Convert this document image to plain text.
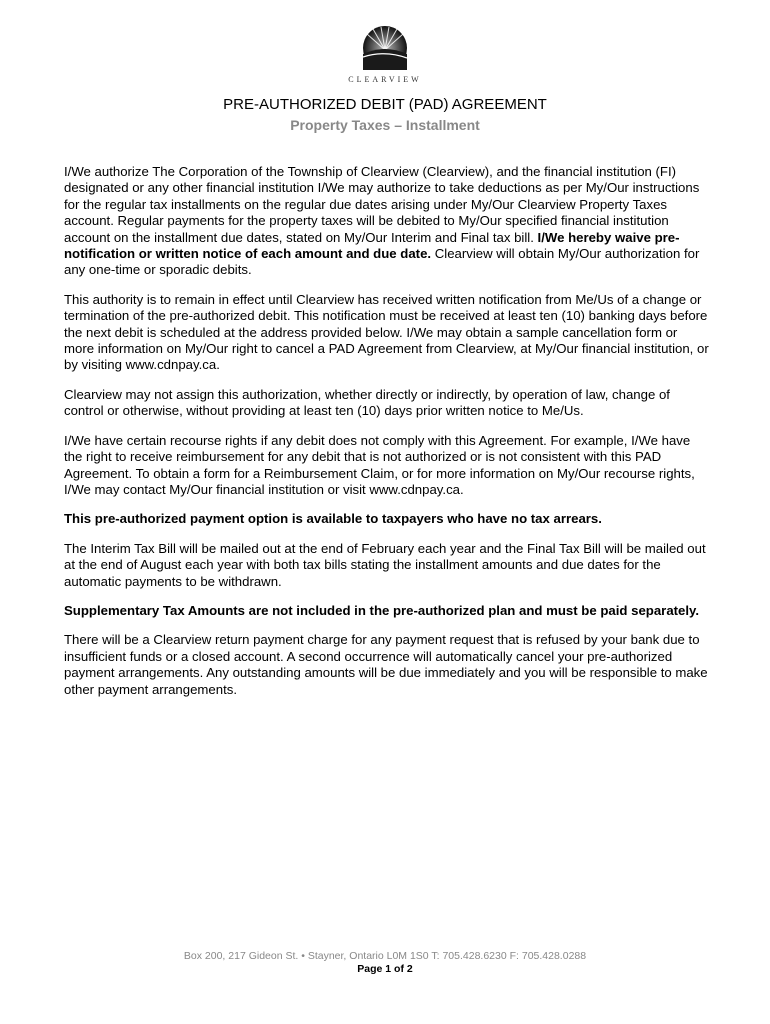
CLEARVIEW
PRE-AUTHORIZED DEBIT (PAD) AGREEMENT
Property Taxes – Installment

I/We authorize The Corporation of the Township of Clearview (Clearview), and the financial institution (FI) designated or any other financial institution I/We may authorize to take deductions as per My/Our instructions for the regular tax installments on the regular due dates arising under My/Our Clearview Property Taxes account. Regular payments for the property taxes will be debited to My/Our specified financial institution account on the installment due dates, stated on My/Our Interim and Final tax bill. I/We hereby waive pre-notification or written notice of each amount and due date. Clearview will obtain My/Our authorization for any one-time or sporadic debits.

This authority is to remain in effect until Clearview has received written notification from Me/Us of a change or termination of the pre-authorized debit. This notification must be received at least ten (10) banking days before the next debit is scheduled at the address provided below. I/We may obtain a sample cancellation form or more information on My/Our right to cancel a PAD Agreement from Clearview, at My/Our financial institution, or by visiting www.cdnpay.ca.

Clearview may not assign this authorization, whether directly or indirectly, by operation of law, change of control or otherwise, without providing at least ten (10) days prior written notice to Me/Us.

I/We have certain recourse rights if any debit does not comply with this Agreement. For example, I/We have the right to receive reimbursement for any debit that is not authorized or is not consistent with this PAD Agreement. To obtain a form for a Reimbursement Claim, or for more information on My/Our recourse rights, I/We may contact My/Our financial institution or visit www.cdnpay.ca.

This pre-authorized payment option is available to taxpayers who have no tax arrears.

The Interim Tax Bill will be mailed out at the end of February each year and the Final Tax Bill will be mailed out at the end of August each year with both tax bills stating the installment amounts and due dates for the automatic payments to be withdrawn.

Supplementary Tax Amounts are not included in the pre-authorized plan and must be paid separately.

There will be a Clearview return payment charge for any payment request that is refused by your bank due to insufficient funds or a closed account. A second occurrence will automatically cancel your pre-authorized payment arrangements. Any outstanding amounts will be due immediately and you will be responsible to make other payment arrangements.

Box 200, 217 Gideon St. • Stayner, Ontario L0M 1S0 T: 705.428.6230 F: 705.428.0288
Page 1 of 2
